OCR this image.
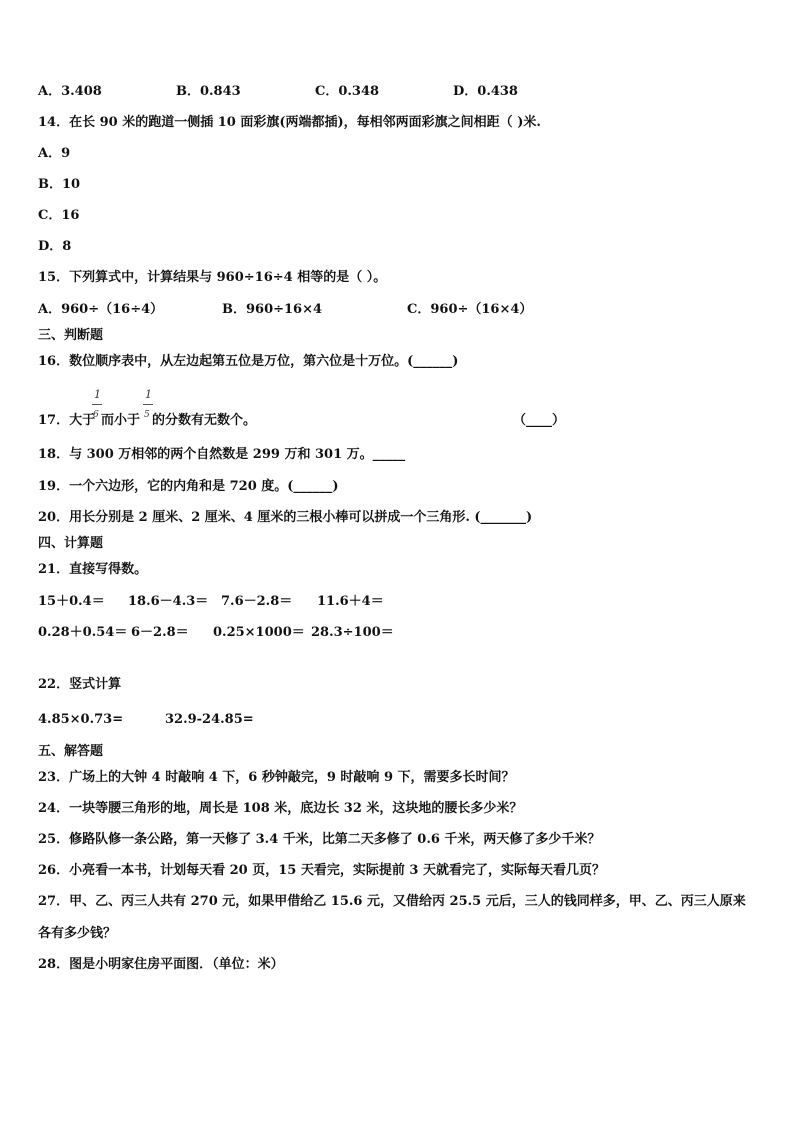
A．3.408	B．0.843	C．0.348	D．0.438
14．在长 90 米的跑道一侧插 10 面彩旗(两端都插)，每相邻两面彩旗之间相距（ )米.
A．9
B．10
C．16
D．8
15．下列算式中，计算结果与 960÷16÷4 相等的是（ ）。
A．960÷（16÷4）	B．960÷16×4	C．960÷（16×4）
三、判断题
16．数位顺序表中，从左边起第五位是万位，第六位是十万位。(______)
17．大于
1
6 而小于
1
5 的分数有无数个。	（____）
18．与 300 万相邻的两个自然数是 299 万和 301 万。_____
19．一个六边形，它的内角和是 720 度。(______)
20．用长分别是 2 厘米、2 厘米、4 厘米的三根小棒可以拼成一个三角形. (_______)
四、计算题
21．直接写得数。
15＋0.4＝ 18.6－4.3＝ 7.6－2.8＝ 11.6＋4＝
0.28＋0.54＝ 6－2.8＝ 0.25×1000＝ 28.3÷100＝
22．竖式计算
4.85×0.73=	32.9-24.85=
五、解答题
23．广场上的大钟 4 时敲响 4 下，6 秒钟敲完，9 时敲响 9 下，需要多长时间？
24．一块等腰三角形的地，周长是 108 米，底边长 32 米，这块地的腰长多少米？
25．修路队修一条公路，第一天修了 3.4 千米，比第二天多修了 0.6 千米，两天修了多少千米？
26．小亮看一本书，计划每天看 20 页，15 天看完，实际提前 3 天就看完了，实际每天看几页？
27．甲、乙、丙三人共有 270 元，如果甲借给乙 15.6 元，又借给丙 25.5 元后，三人的钱同样多，甲、乙、丙三人原来
各有多少钱？
28．图是小明家住房平面图．（单位：米）
